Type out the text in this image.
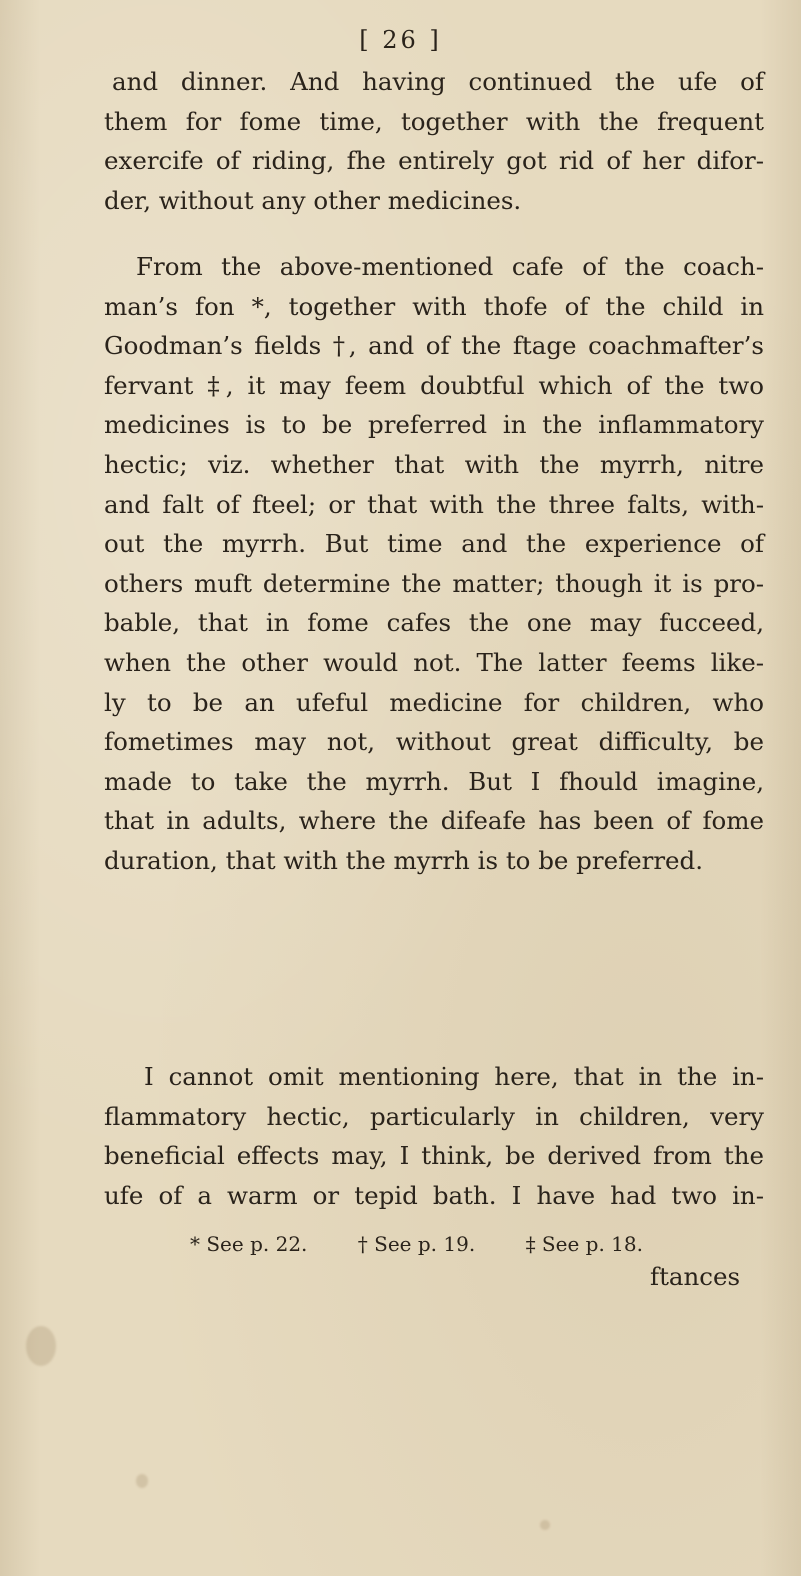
[ 26 ]
and dinner. And having continued the ufe of
them for fome time, together with the frequent
exercife of riding, fhe entirely got rid of her difor-
der, without any other medicines.
From the above-mentioned cafe of the coach-
man’s fon *, together with thofe of the child in
Goodman’s fields †, and of the ftage coachmafter’s
fervant ‡, it may feem doubtful which of the two
medicines is to be preferred in the inflammatory
hectic; viz. whether that with the myrrh, nitre
and falt of fteel; or that with the three falts, with-
out the myrrh. But time and the experience of
others muft determine the matter; though it is pro-
bable, that in fome cafes the one may fucceed,
when the other would not. The latter feems like-
ly to be an ufeful medicine for children, who
fometimes may not, without great difficulty, be
made to take the myrrh. But I fhould imagine,
that in adults, where the difeafe has been of fome
duration, that with the myrrh is to be preferred.
I cannot omit mentioning here, that in the in-
flammatory hectic, particularly in children, very
beneficial effects may, I think, be derived from the
ufe of a warm or tepid bath. I have had two in-
* See p. 22.	† See p. 19.	‡ See p. 18.
ftances
